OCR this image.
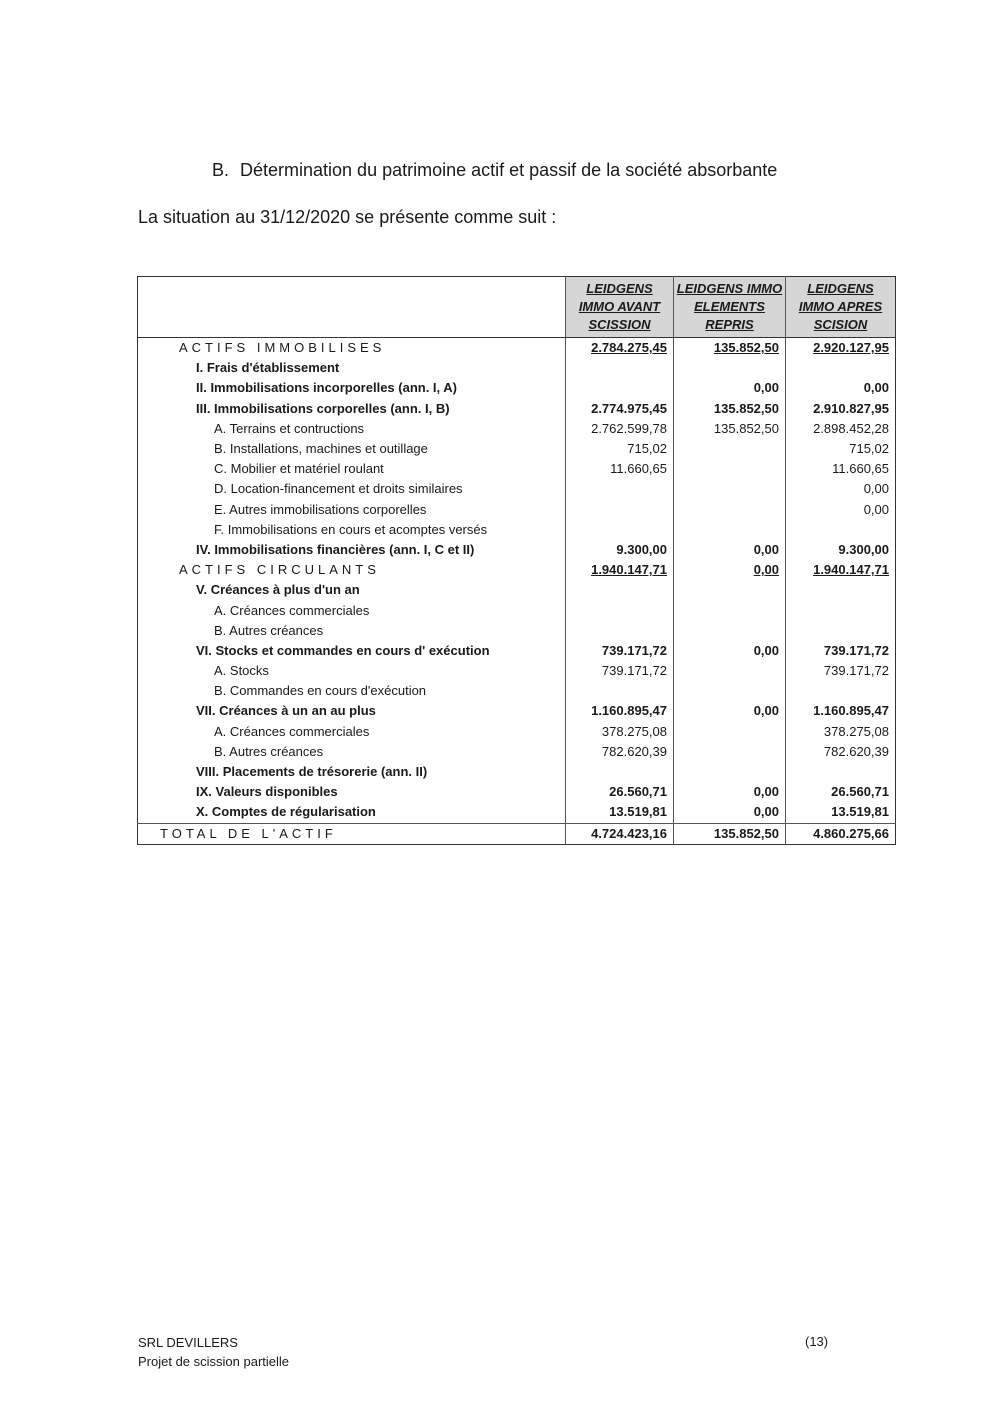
B. Détermination du patrimoine actif et passif de la société absorbante
La situation au 31/12/2020 se présente comme suit :

	LEIDGENS
IMMO AVANT
SCISSION	LEIDGENS IMMO
ELEMENTS
REPRIS	LEIDGENS
IMMO APRES
SCISION

ACTIFS IMMOBILISES	2.784.275,45	135.852,50	2.920.127,95
I. Frais d'établissement			
II. Immobilisations incorporelles (ann. I, A)		0,00	0,00
III. Immobilisations corporelles (ann. I, B)	2.774.975,45	135.852,50	2.910.827,95
A. Terrains et contructions	2.762.599,78	135.852,50	2.898.452,28
B. Installations, machines et outillage	715,02		715,02
C. Mobilier et matériel roulant	11.660,65		11.660,65
D. Location-financement et droits similaires			0,00
E. Autres immobilisations corporelles			0,00
F. Immobilisations en cours et acomptes versés			
IV. Immobilisations financières (ann. I, C et II)	9.300,00	0,00	9.300,00
ACTIFS CIRCULANTS	1.940.147,71	0,00	1.940.147,71
V. Créances à plus d'un an			
A. Créances commerciales			
B. Autres créances			
VI. Stocks et commandes en cours d' exécution	739.171,72	0,00	739.171,72
A. Stocks	739.171,72		739.171,72
B. Commandes en cours d'exécution			
VII. Créances à un an au plus	1.160.895,47	0,00	1.160.895,47
A. Créances commerciales	378.275,08		378.275,08
B. Autres créances	782.620,39		782.620,39
VIII. Placements de trésorerie (ann. II)			
IX. Valeurs disponibles	26.560,71	0,00	26.560,71
X. Comptes de régularisation	13.519,81	0,00	13.519,81
TOTAL DE L'ACTIF	4.724.423,16	135.852,50	4.860.275,66
SRL DEVILLERS
Projet de scission partielle
(13)
